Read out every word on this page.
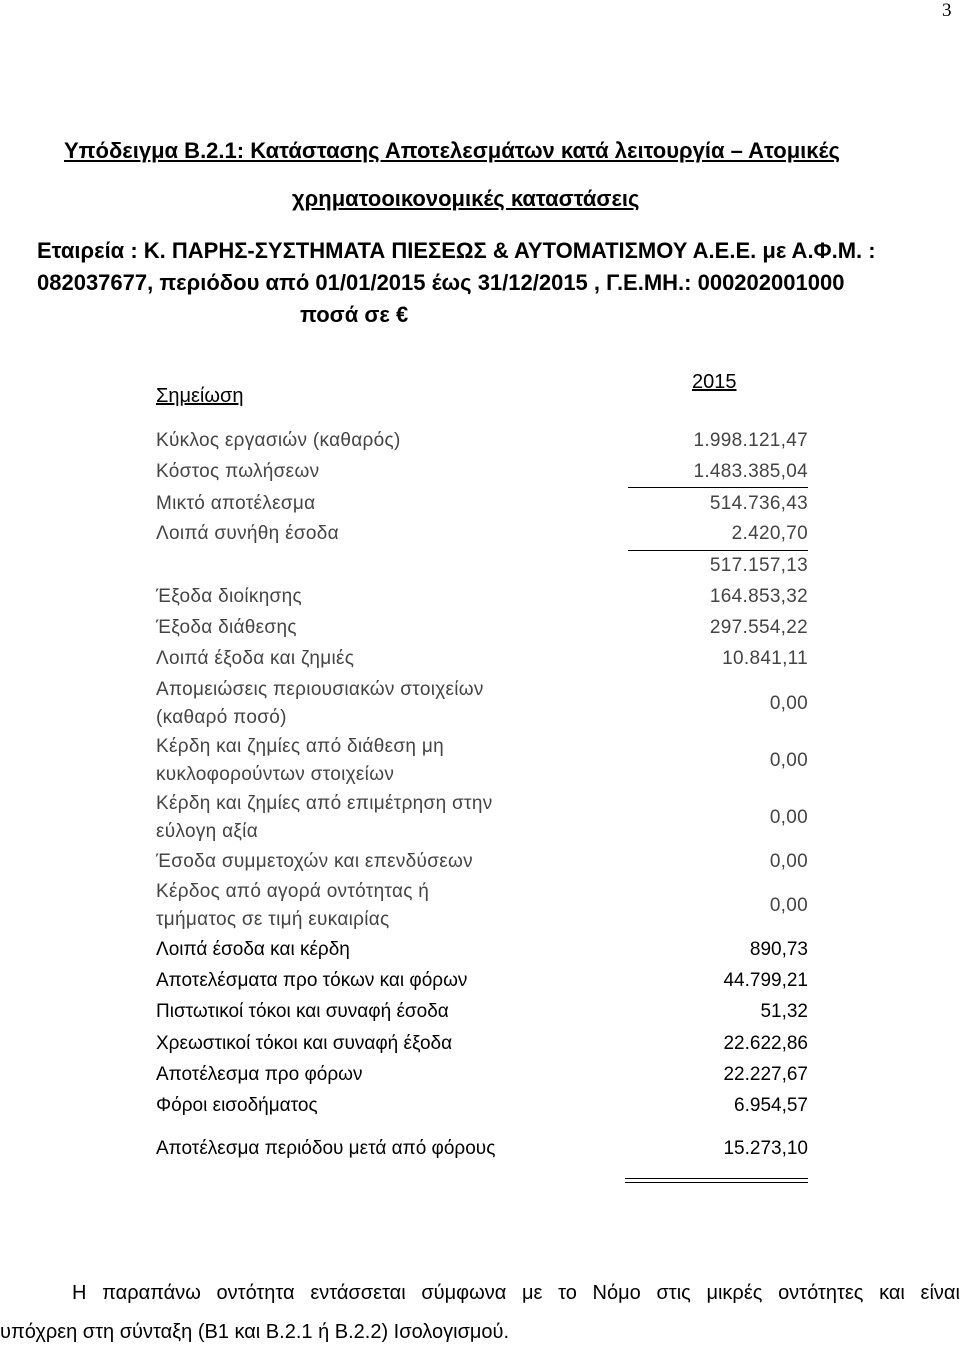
3
Υπόδειγμα Β.2.1: Κατάστασης Αποτελεσμάτων κατά λειτουργία – Ατομικές
χρηματοοικονομικές καταστάσεις
Εταιρεία : Κ. ΠΑΡΗΣ-ΣΥΣΤΗΜΑΤΑ ΠΙΕΣΕΩΣ & ΑΥΤΟΜΑΤΙΣΜΟΥ Α.Ε.Ε. με Α.Φ.Μ. :
082037677, περιόδου από 01/01/2015 έως 31/12/2015 , Γ.Ε.ΜΗ.: 000202001000
ποσά σε €
Σημείωση
2015
Κύκλος εργασιών (καθαρός)	1.998.121,47
Κόστος πωλήσεων	1.483.385,04
Μικτό αποτέλεσμα	514.736,43
Λοιπά συνήθη έσοδα	2.420,70
517.157,13
Έξοδα διοίκησης	164.853,32
Έξοδα διάθεσης	297.554,22
Λοιπά έξοδα και ζημιές	10.841,11
Απομειώσεις περιουσιακών στοιχείων
(καθαρό ποσό)
0,00
Κέρδη και ζημίες από διάθεση μη
κυκλοφορούντων στοιχείων
0,00
Κέρδη και ζημίες από επιμέτρηση στην
εύλογη αξία
0,00
Έσοδα συμμετοχών και επενδύσεων	0,00
Κέρδος από αγορά οντότητας ή
τμήματος σε τιμή ευκαιρίας
0,00
Λοιπά έσοδα και κέρδη	890,73
Αποτελέσματα προ τόκων και φόρων	44.799,21
Πιστωτικοί τόκοι και συναφή έσοδα	51,32
Χρεωστικοί τόκοι και συναφή έξοδα	22.622,86
Αποτέλεσμα προ φόρων	22.227,67
Φόροι εισοδήματος	6.954,57
Αποτέλεσμα περιόδου μετά από φόρους	15.273,10
Η παραπάνω οντότητα εντάσσεται σύμφωνα με το Νόμο στις μικρές οντότητες και είναι
υπόχρεη στη σύνταξη (Β1 και Β.2.1 ή Β.2.2) Ισολογισμού.
